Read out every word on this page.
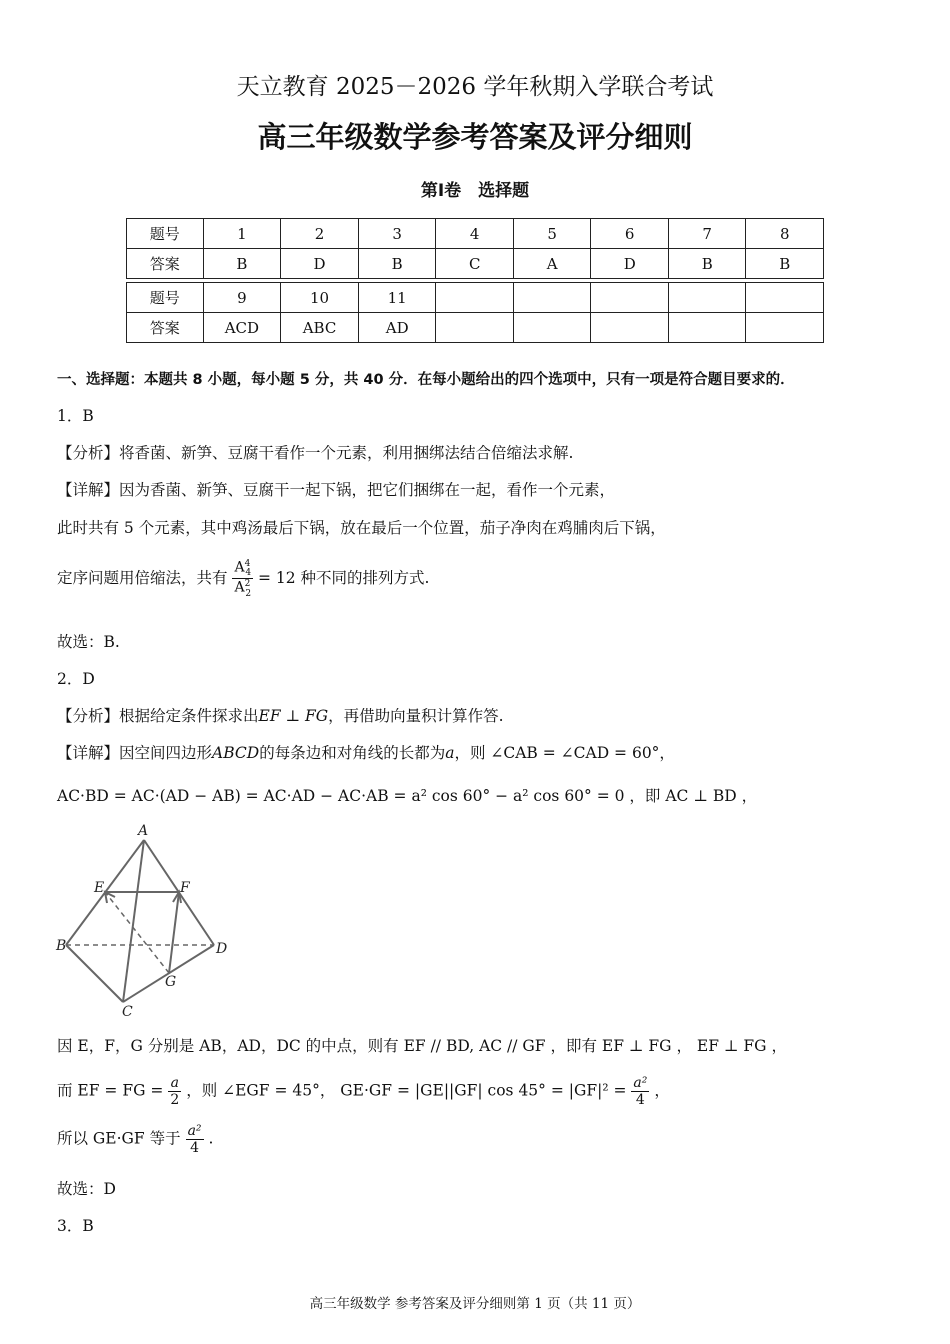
天立教育 2025－2026 学年秋期入学联合考试
高三年级数学参考答案及评分细则
第Ⅰ卷　选择题
题号	1	2	3	4	5	6	7	8
答案	B	D	B	C	A	D	B	B

题号	9	10	11					
答案	ACD	ABC	AD					
一、选择题：本题共 8 小题，每小题 5 分，共 40 分．在每小题给出的四个选项中，只有一项是符合题目要求的．
1．B
【分析】将香菌、新笋、豆腐干看作一个元素，利用捆绑法结合倍缩法求解.
【详解】因为香菌、新笋、豆腐干一起下锅，把它们捆绑在一起，看作一个元素，
此时共有 5 个元素，其中鸡汤最后下锅，放在最后一个位置，茄子净肉在鸡脯肉后下锅，
定序问题用倍缩法，共有 $\frac{A^4_4}{A^2_2} = 12$ 种不同的排列方式.
故选：B.
2．D
【分析】根据给定条件探求出EF ⊥ FG，再借助向量积计算作答.
【详解】因空间四边形ABCD的每条边和对角线的长都为a，则 ∠CAB = ∠CAD = 60°，
AC·BD = AC·(AD − AB) = AC·AD − AC·AB = a² cos 60° − a² cos 60° = 0 ，即 AC ⊥ BD ，
A
E	F
B	D
G
C
因 E，F，G 分别是 AB，AD，DC 的中点，则有 EF // BD, AC // GF ，即有 EF ⊥ FG ， EF ⊥ FG ，
而 EF = FG = $\frac{a}{2}$ ，则 ∠EGF = 45°， GE·GF = |GE||GF| $\cos 45^\circ = |GF|^2 = \frac{\text{a²}}{4}$ ，
所以 GE·GF 等于 $\frac{\text{a²}}{4}$ .
故选：D
3．B
高三年级数学 参考答案及评分细则第 1 页（共 11 页）
